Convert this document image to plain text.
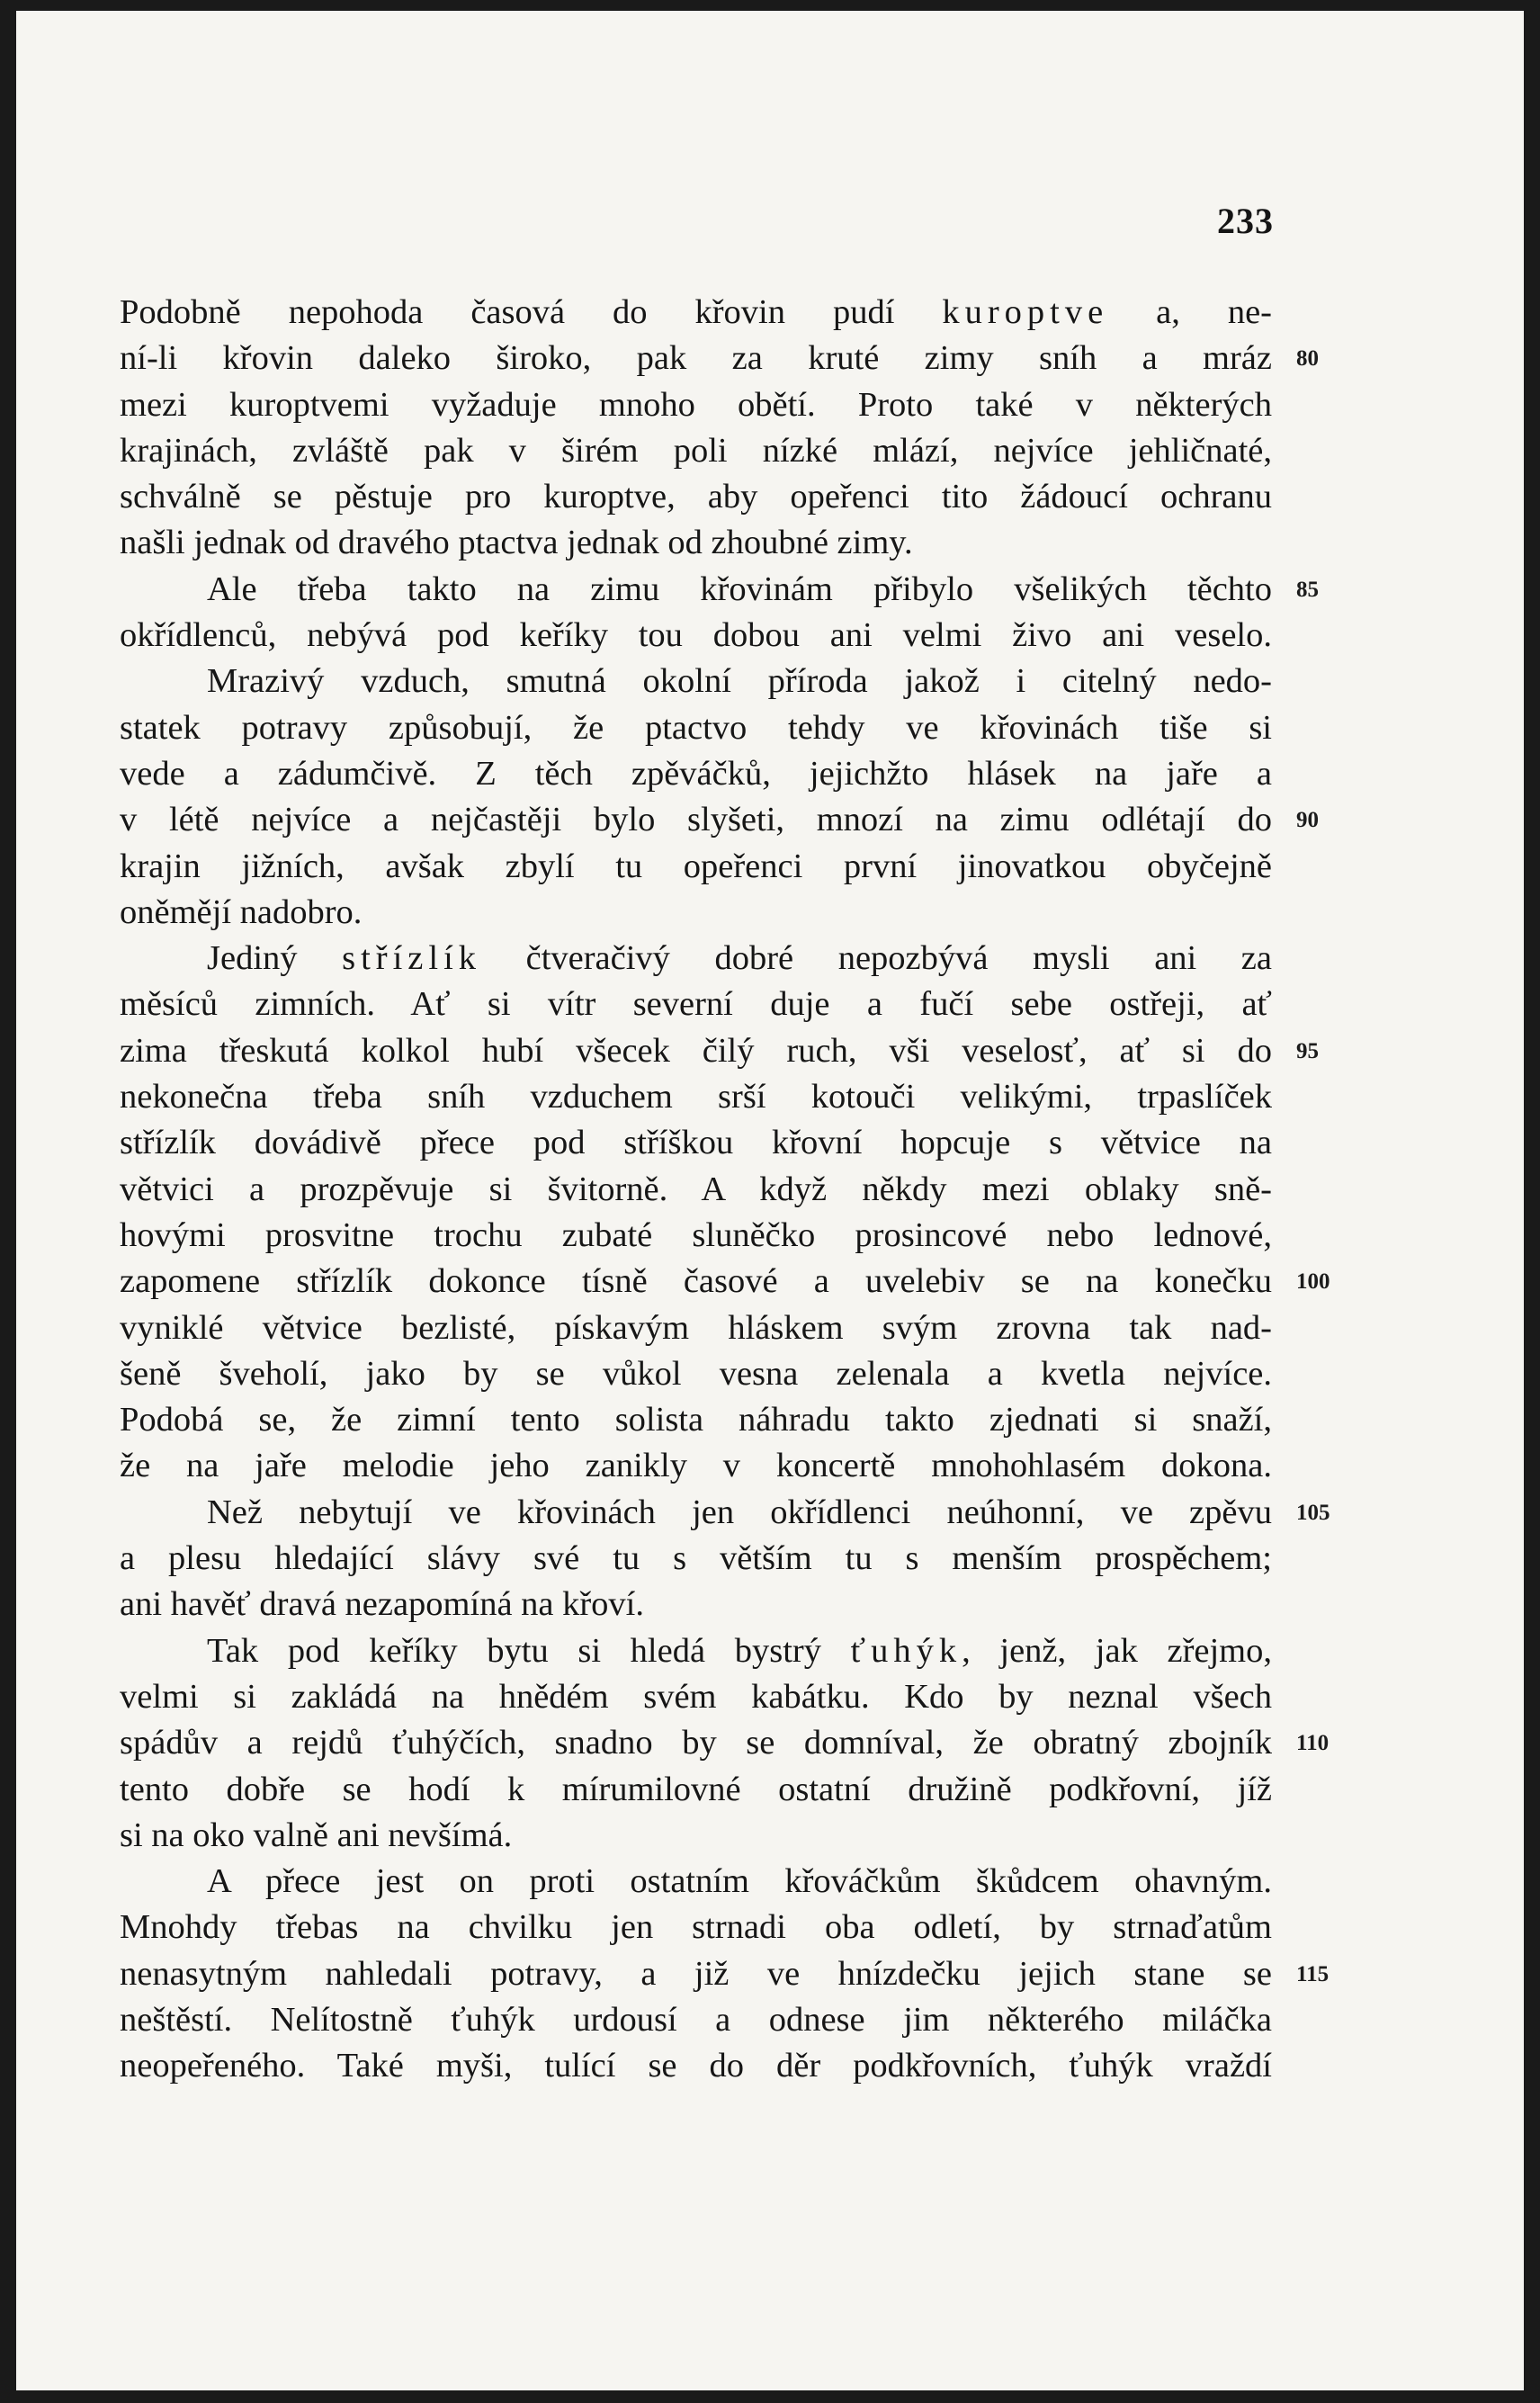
233
Podobně nepohoda časová do křovin pudí kuroptve a, ne-
ní-li křovin daleko široko, pak za kruté zimy sníh a mráz 80
mezi kuroptvemi vyžaduje mnoho obětí. Proto také v některých
krajinách, zvláště pak v širém poli nízké mlází, nejvíce jehličnaté,
schválně se pěstuje pro kuroptve, aby opeřenci tito žádoucí ochranu
našli jednak od dravého ptactva jednak od zhoubné zimy.
Ale třeba takto na zimu křovinám přibylo všelikých těchto 85
okřídlenců, nebývá pod keříky tou dobou ani velmi živo ani veselo.
Mrazivý vzduch, smutná okolní příroda jakož i citelný nedo-
statek potravy způsobují, že ptactvo tehdy ve křovinách tiše si
vede a zádumčivě. Z těch zpěváčků, jejichžto hlásek na jaře a
v létě nejvíce a nejčastěji bylo slyšeti, mnozí na zimu odlétají do 90
krajin jižních, avšak zbylí tu opeřenci první jinovatkou obyčejně
oněmějí nadobro.
Jediný střízlík čtveračivý dobré nepozbývá mysli ani za
měsíců zimních. Ať si vítr severní duje a fučí sebe ostřeji, ať
zima třeskutá kolkol hubí všecek čilý ruch, vši veselosť, ať si do 95
nekonečna třeba sníh vzduchem srší kotouči velikými, trpaslíček
střízlík dovádivě přece pod stříškou křovní hopcuje s větvice na
větvici a prozpěvuje si švitorně. A když někdy mezi oblaky sně-
hovými prosvitne trochu zubaté sluněčko prosincové nebo lednové,
zapomene střízlík dokonce tísně časové a uvelebiv se na konečku 100
vyniklé větvice bezlisté, pískavým hláskem svým zrovna tak nad-
šeně šveholí, jako by se vůkol vesna zelenala a kvetla nejvíce.
Podobá se, že zimní tento solista náhradu takto zjednati si snaží,
že na jaře melodie jeho zanikly v koncertě mnohohlasém dokona.
Než nebytují ve křovinách jen okřídlenci neúhonní, ve zpěvu 105
a plesu hledající slávy své tu s větším tu s menším prospěchem;
ani havěť dravá nezapomíná na křoví.
Tak pod keříky bytu si hledá bystrý ťuhýk, jenž, jak zřejmo,
velmi si zakládá na hnědém svém kabátku. Kdo by neznal všech
spádův a rejdů ťuhýčích, snadno by se domníval, že obratný zbojník 110
tento dobře se hodí k mírumilovné ostatní družině podkřovní, jíž
si na oko valně ani nevšímá.
A přece jest on proti ostatním křováčkům škůdcem ohavným.
Mnohdy třebas na chvilku jen strnadi oba odletí, by strnaďatům
nenasytným nahledali potravy, a již ve hnízdečku jejich stane se 115
neštěstí. Nelítostně ťuhýk urdousí a odnese jim některého miláčka
neopeřeného. Také myši, tulící se do děr podkřovních, ťuhýk vraždí
